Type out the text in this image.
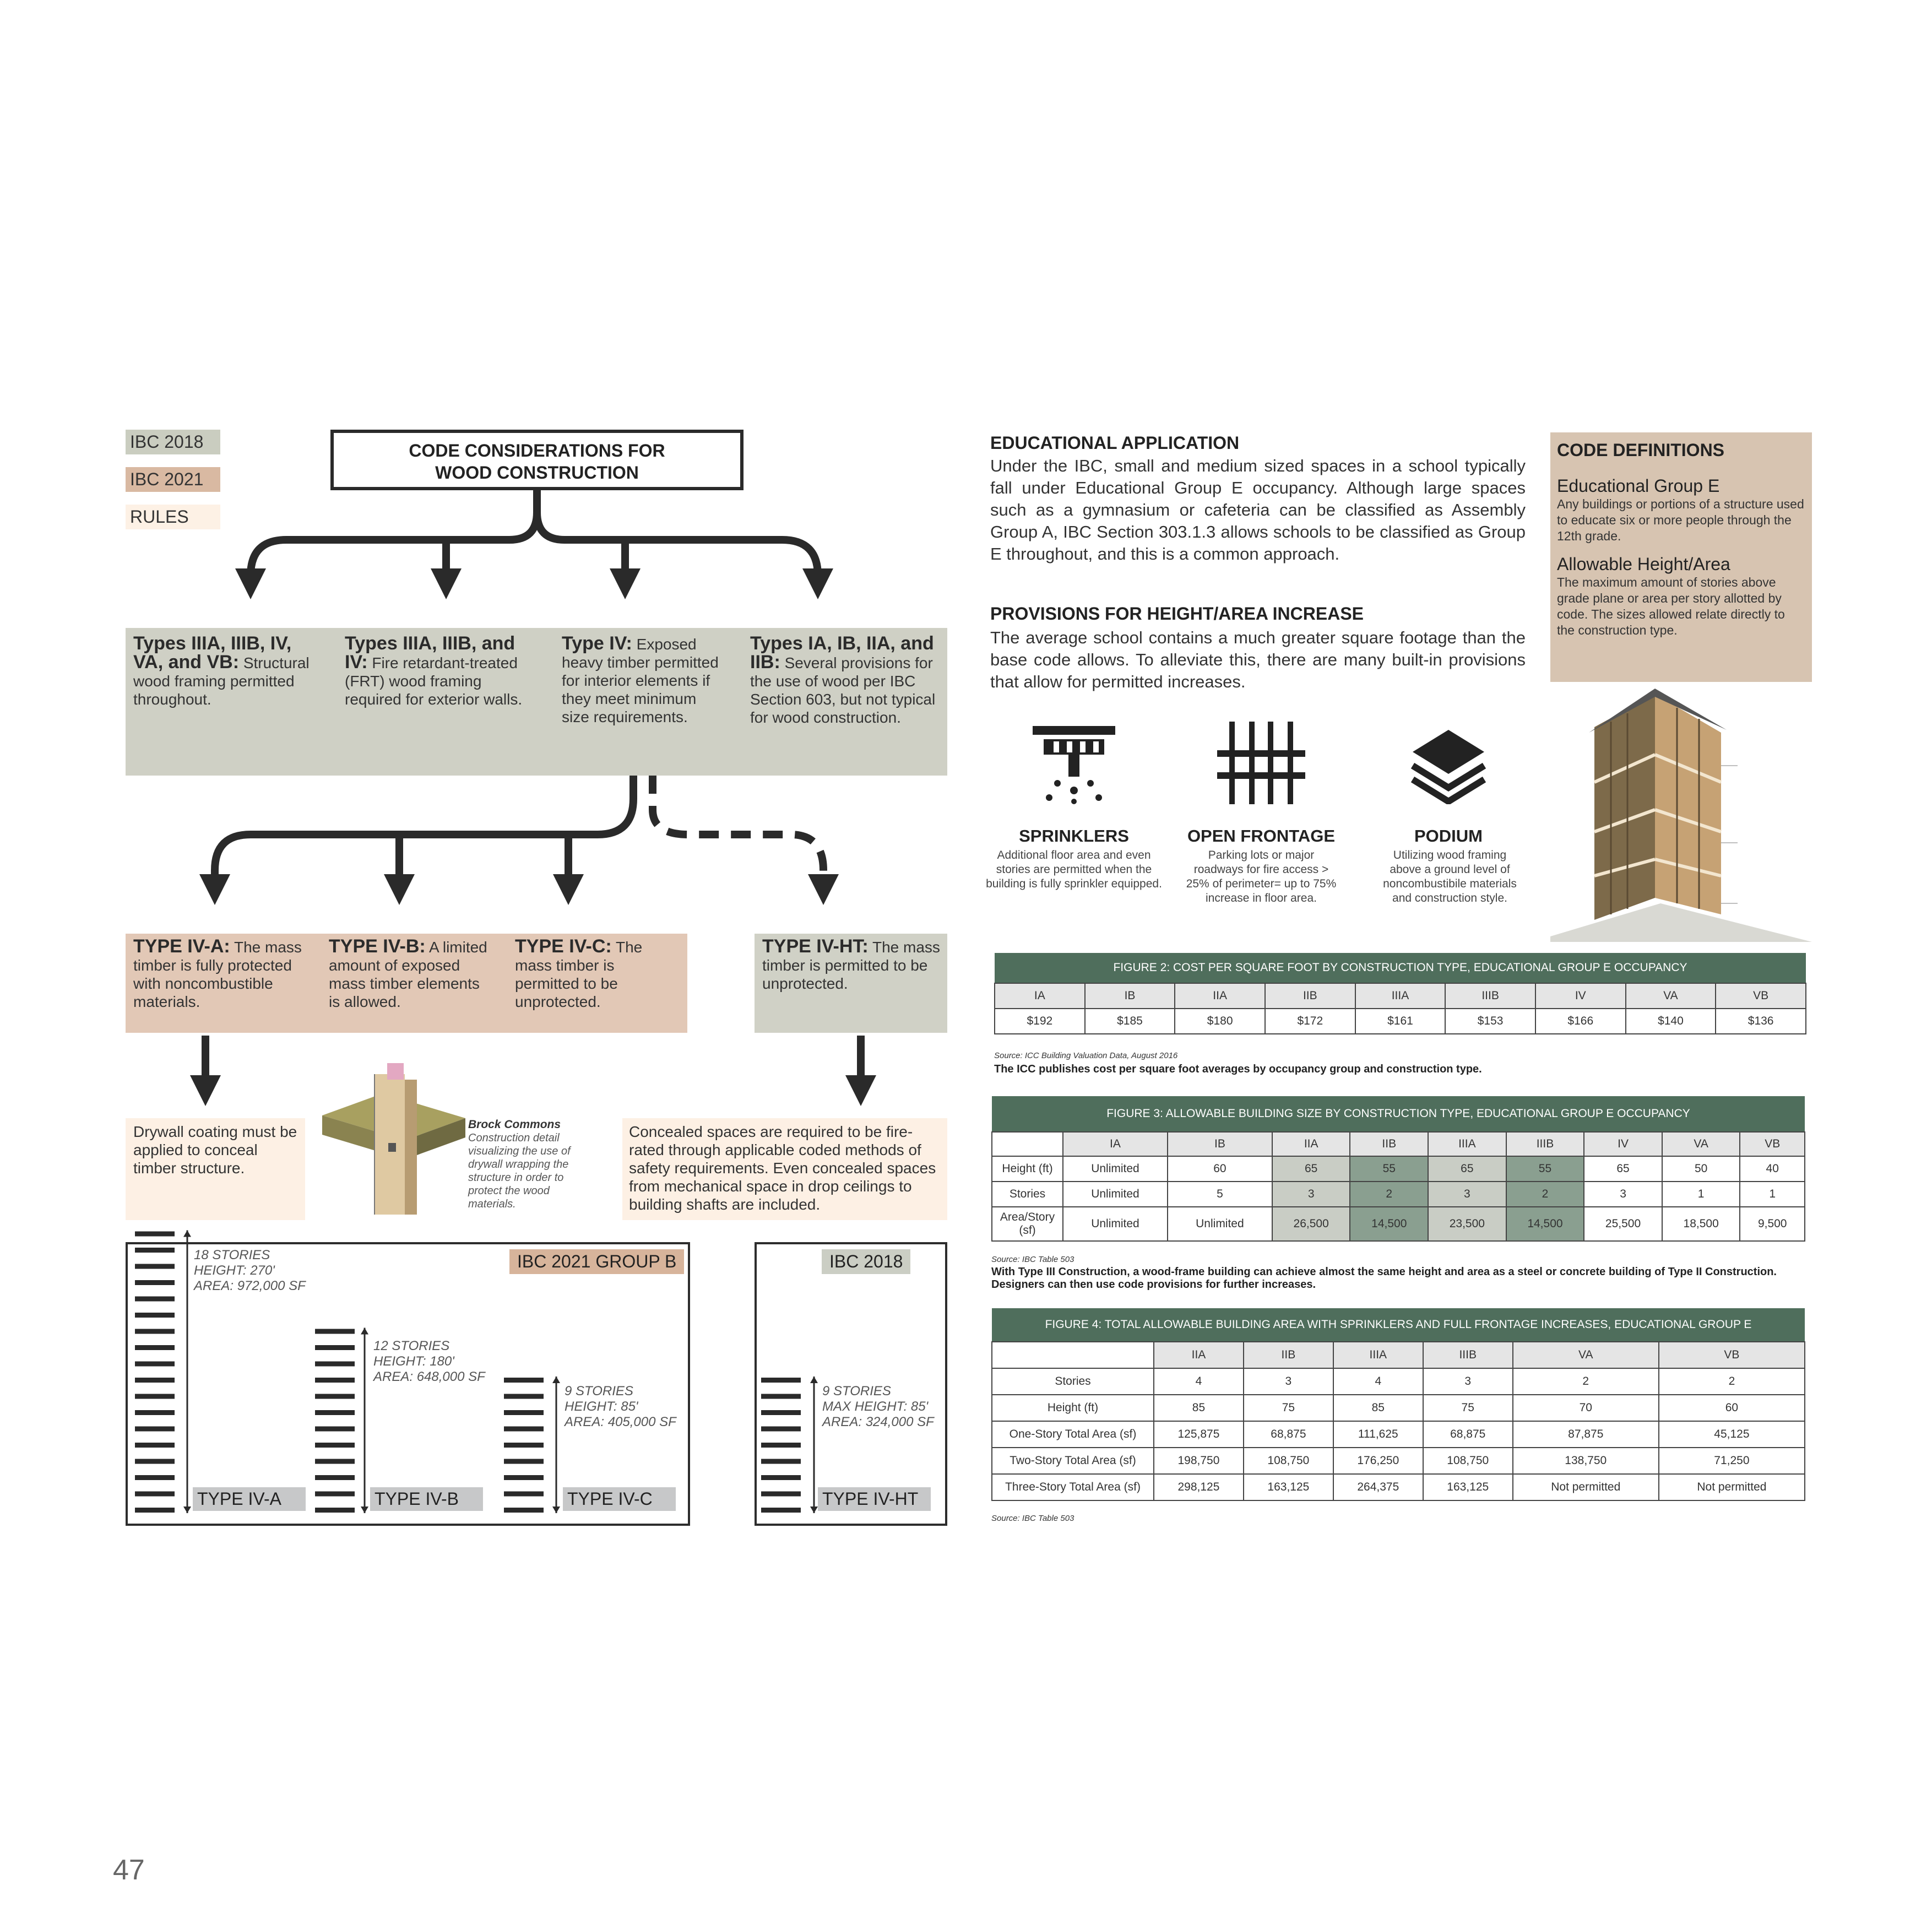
IBC 2018
IBC 2021
RULES
CODE CONSIDERATIONS FOR
WOOD CONSTRUCTION
Types IIIA, IIIB, IV, VA, and VB: Structural wood framing permitted throughout.
Types IIIA, IIIB, and IV: Fire retardant-treated (FRT) wood framing required for exterior walls.
Type IV: Exposed heavy timber permitted for interior elements if they meet minimum size requirements.
Types IA, IB, IIA, and IIB: Several provisions for the use of wood per IBC Section 603, but not typical for wood construction.
TYPE IV-A: The mass timber is fully protected with noncombustible materials.
TYPE IV-B: A limited amount of exposed mass timber elements is allowed.
TYPE IV-C: The mass timber is permitted to be unprotected.
TYPE IV-HT: The mass timber is permitted to be unprotected.
Drywall coating must be applied to conceal timber structure.
Concealed spaces are required to be fire-rated through applicable coded methods of safety requirements. Even concealed spaces from mechanical space in drop ceilings to building shafts are included.
Brock Commons
Construction detail visualizing the use of drywall wrapping the structure in order to protect the wood materials.
IBC 2021 GROUP B	IBC 2018
TYPE IV-A	TYPE IV-B	TYPE IV-C	TYPE IV-HT
18 STORIES
HEIGHT: 270'
AREA: 972,000 SF
12 STORIES
HEIGHT: 180'
AREA: 648,000 SF
9 STORIES
HEIGHT: 85'
AREA: 405,000 SF
9 STORIES
MAX HEIGHT: 85'
AREA: 324,000 SF
47
EDUCATIONAL APPLICATION
Under the IBC, small and medium sized spaces in a school typically fall under Educational Group E occupancy. Although large spaces such as a gymnasium or cafeteria can be classified as Assembly Group A, IBC Section 303.1.3 allows schools to be classified as Group E throughout, and this is a common approach.
PROVISIONS FOR HEIGHT/AREA INCREASE
The average school contains a much greater square footage than the base code allows. To alleviate this, there are many built-in provisions that allow for permitted increases.
CODE DEFINITIONS
Educational Group E

Any buildings or portions of a structure used to educate six or more people through the 12th grade.

Allowable Height/Area

The maximum amount of stories above grade plane or area per story allotted by code. The sizes allowed relate directly to the construction type.

SPRINKLERS
Additional floor area and even stories are permitted when the building is fully sprinkler equipped.
OPEN FRONTAGE
Parking lots or major roadways for fire access > 25% of perimeter= up to 75% increase in floor area.
PODIUM
Utilizing wood framing above a ground level of noncombustibile materials and construction style.
FIGURE 2: COST PER SQUARE FOOT BY CONSTRUCTION TYPE, EDUCATIONAL GROUP E OCCUPANCY								
IA	IB	IIA	IIB	IIIA	IIIB	IV	VA	VB
$192	$185	$180	$172	$161	$153	$166	$140	$136
Source: ICC Building Valuation Data, August 2016
The ICC publishes cost per square foot averages by occupancy group and construction type.
FIGURE 3: ALLOWABLE BUILDING SIZE BY CONSTRUCTION TYPE, EDUCATIONAL GROUP E OCCUPANCY									
	IA	IB	IIA	IIB	IIIA	IIIB	IV	VA	VB
Height (ft)	Unlimited	60	65	55	65	55	65	50	40
Stories	Unlimited	5	3	2	3	2	3	1	1
Area/Story (sf)	Unlimited	Unlimited	26,500	14,500	23,500	14,500	25,500	18,500	9,500
Source: IBC Table 503
With Type III Construction, a wood-frame building can achieve almost the same height and area as a steel or concrete building of Type II Construction. Designers can then use code provisions for further increases.
FIGURE 4: TOTAL ALLOWABLE BUILDING AREA WITH SPRINKLERS AND FULL FRONTAGE INCREASES, EDUCATIONAL GROUP E						
	IIA	IIB	IIIA	IIIB	VA	VB
Stories	4	3	4	3	2	2
Height (ft)	85	75	85	75	70	60
One-Story Total Area (sf)	125,875	68,875	111,625	68,875	87,875	45,125
Two-Story Total Area (sf)	198,750	108,750	176,250	108,750	138,750	71,250
Three-Story Total Area (sf)	298,125	163,125	264,375	163,125	Not permitted	Not permitted
Source: IBC Table 503
